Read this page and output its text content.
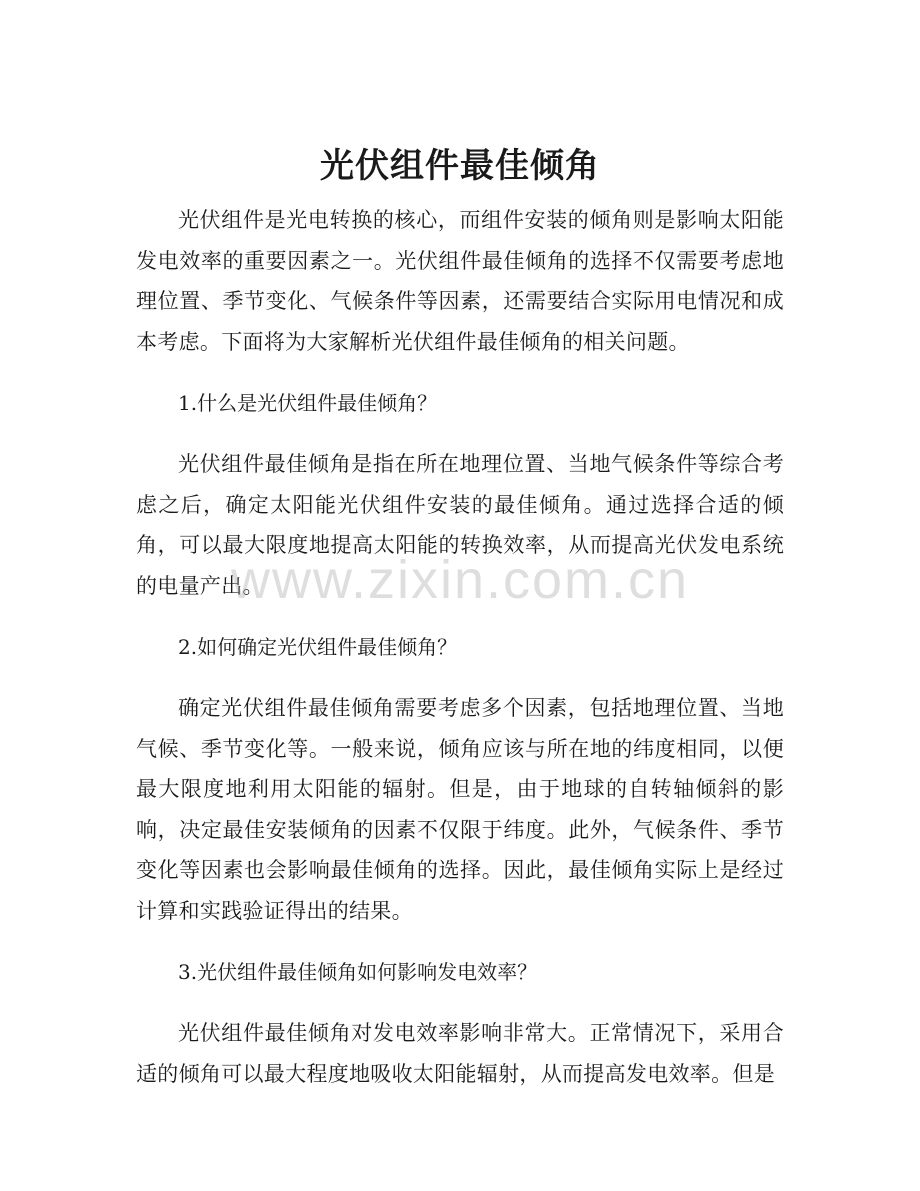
光伏组件最佳倾角

光伏组件是光电转换的核心，而组件安装的倾角则是影响太阳能发电效率的重要因素之一。光伏组件最佳倾角的选择不仅需要考虑地理位置、季节变化、气候条件等因素，还需要结合实际用电情况和成本考虑。下面将为大家解析光伏组件最佳倾角的相关问题。

1.什么是光伏组件最佳倾角？

光伏组件最佳倾角是指在所在地理位置、当地气候条件等综合考虑之后，确定太阳能光伏组件安装的最佳倾角。通过选择合适的倾角，可以最大限度地提高太阳能的转换效率，从而提高光伏发电系统的电量产出。

2.如何确定光伏组件最佳倾角？

确定光伏组件最佳倾角需要考虑多个因素，包括地理位置、当地气候、季节变化等。一般来说，倾角应该与所在地的纬度相同，以便最大限度地利用太阳能的辐射。但是，由于地球的自转轴倾斜的影响，决定最佳安装倾角的因素不仅限于纬度。此外，气候条件、季节变化等因素也会影响最佳倾角的选择。因此，最佳倾角实际上是经过计算和实践验证得出的结果。

3.光伏组件最佳倾角如何影响发电效率？

光伏组件最佳倾角对发电效率影响非常大。正常情况下，采用合适的倾角可以最大程度地吸收太阳能辐射，从而提高发电效率。但是

www.zixin.com.cn
